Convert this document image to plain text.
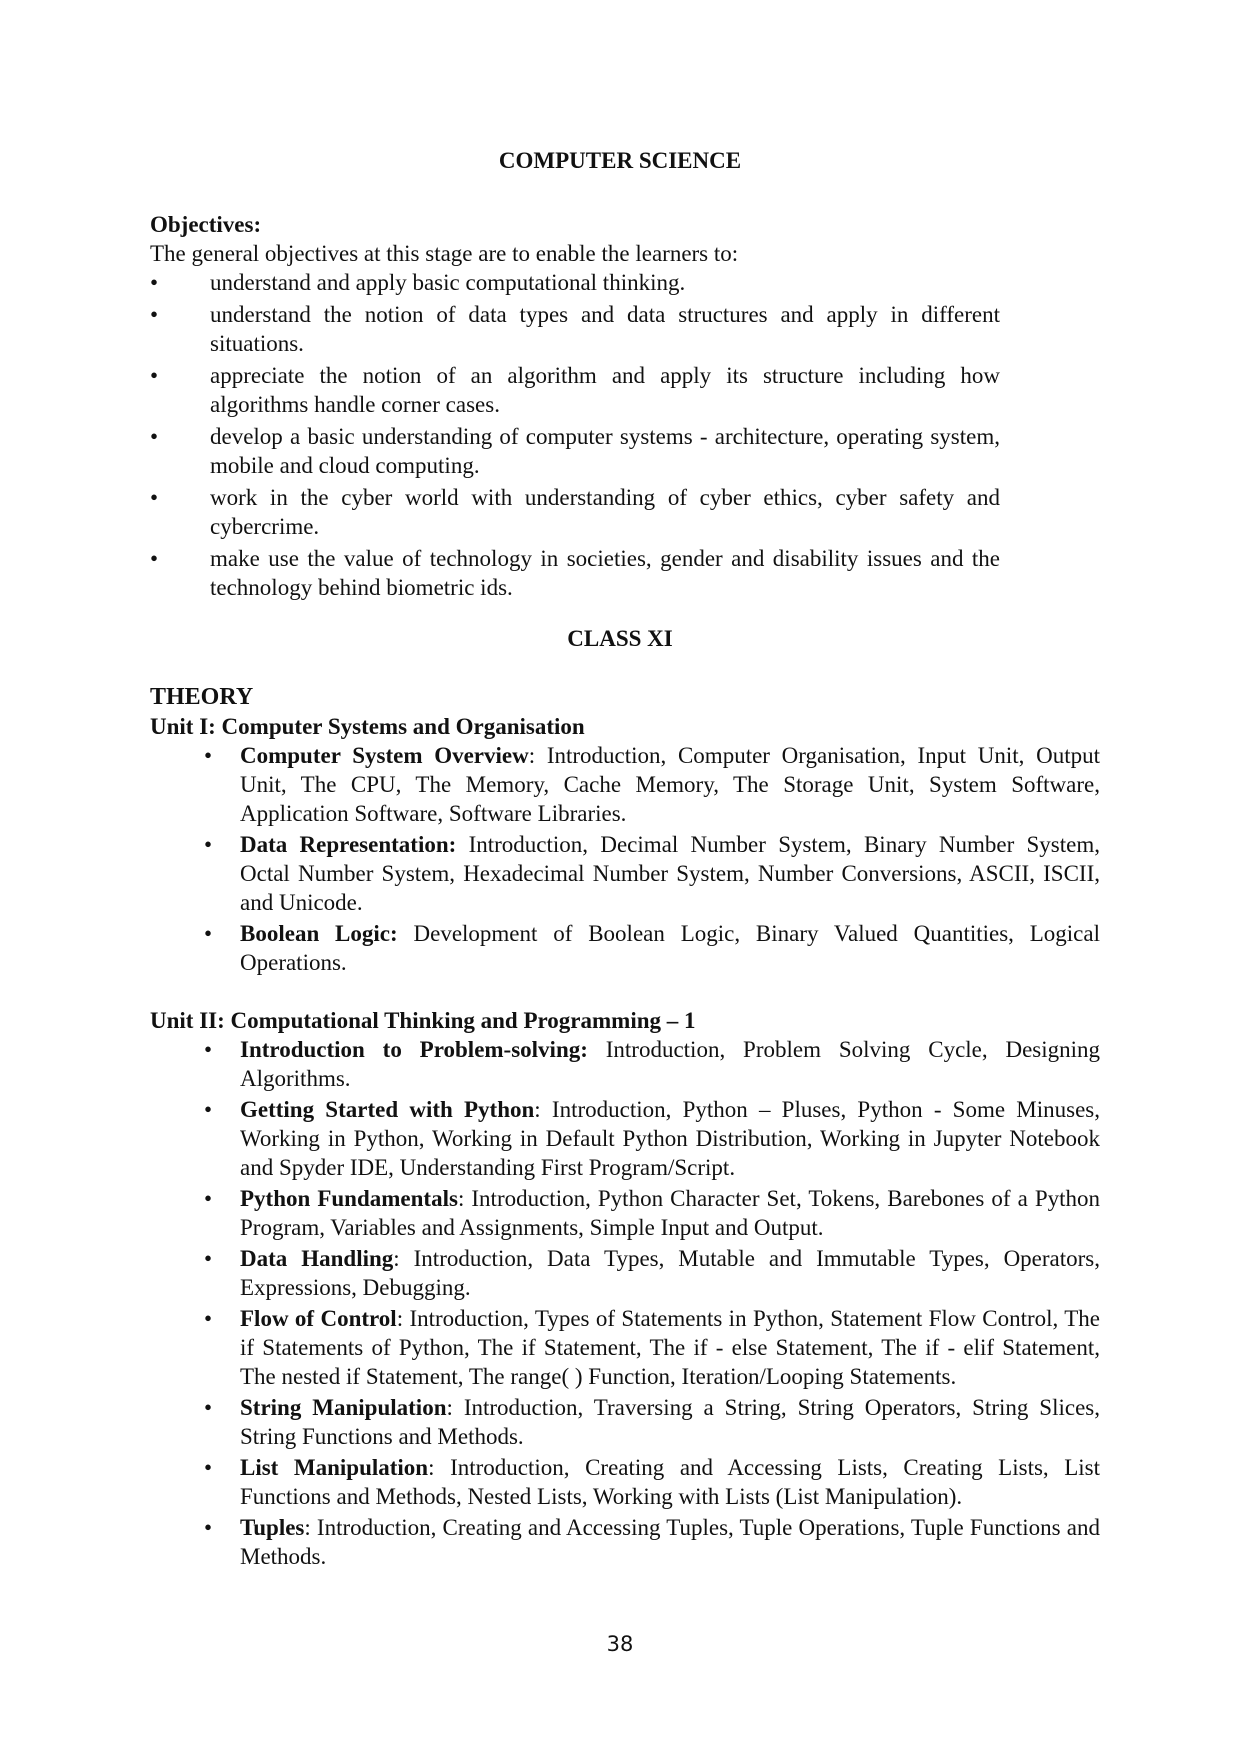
COMPUTER SCIENCE
Objectives:
The general objectives at this stage are to enable the learners to:
• understand and apply basic computational thinking.
• understand the notion of data types and data structures and apply in different situations.
• appreciate the notion of an algorithm and apply its structure including how algorithms handle corner cases.
• develop a basic understanding of computer systems - architecture, operating system, mobile and cloud computing.
• work in the cyber world with understanding of cyber ethics, cyber safety and cybercrime.
• make use the value of technology in societies, gender and disability issues and the technology behind biometric ids.
CLASS XI
THEORY
Unit I: Computer Systems and Organisation
• Computer System Overview: Introduction, Computer Organisation, Input Unit, Output Unit, The CPU, The Memory, Cache Memory, The Storage Unit, System Software, Application Software, Software Libraries.
• Data Representation: Introduction, Decimal Number System, Binary Number System, Octal Number System, Hexadecimal Number System, Number Conversions, ASCII, ISCII, and Unicode.
• Boolean Logic: Development of Boolean Logic, Binary Valued Quantities, Logical Operations.
Unit II: Computational Thinking and Programming – 1
• Introduction to Problem-solving: Introduction, Problem Solving Cycle, Designing Algorithms.
• Getting Started with Python: Introduction, Python – Pluses, Python - Some Minuses, Working in Python, Working in Default Python Distribution, Working in Jupyter Notebook and Spyder IDE, Understanding First Program/Script.
• Python Fundamentals: Introduction, Python Character Set, Tokens, Barebones of a Python Program, Variables and Assignments, Simple Input and Output.
• Data Handling: Introduction, Data Types, Mutable and Immutable Types, Operators, Expressions, Debugging.
• Flow of Control: Introduction, Types of Statements in Python, Statement Flow Control, The if Statements of Python, The if Statement, The if - else Statement, The if - elif Statement, The nested if Statement, The range( ) Function, Iteration/Looping Statements.
• String Manipulation: Introduction, Traversing a String, String Operators, String Slices, String Functions and Methods.
• List Manipulation: Introduction, Creating and Accessing Lists, Creating Lists, List Functions and Methods, Nested Lists, Working with Lists (List Manipulation).
• Tuples: Introduction, Creating and Accessing Tuples, Tuple Operations, Tuple Functions and Methods.
38
